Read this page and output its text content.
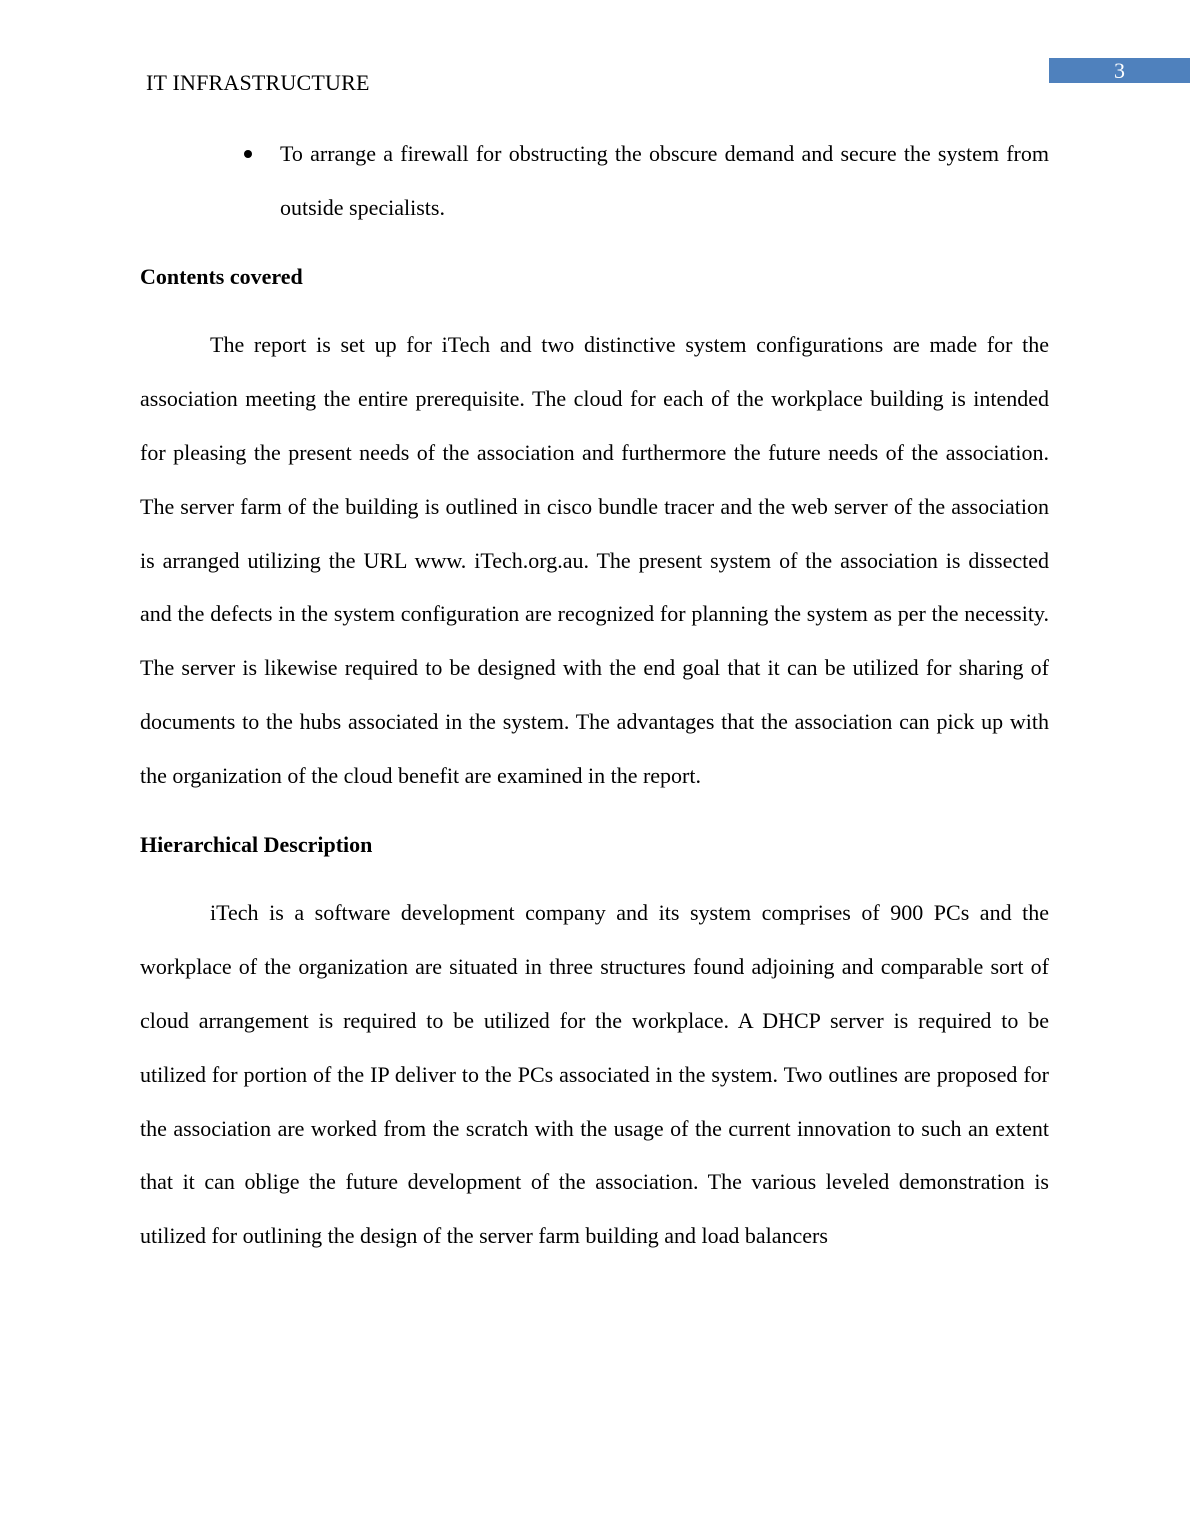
IT INFRASTRUCTURE	3
To arrange a firewall for obstructing the obscure demand and secure the system from outside specialists.
Contents covered

The report is set up for iTech and two distinctive system configurations are made for the association meeting the entire prerequisite. The cloud for each of the workplace building is intended for pleasing the present needs of the association and furthermore the future needs of the association. The server farm of the building is outlined in cisco bundle tracer and the web server of the association is arranged utilizing the URL www. iTech.org.au. The present system of the association is dissected and the defects in the system configuration are recognized for planning the system as per the necessity. The server is likewise required to be designed with the end goal that it can be utilized for sharing of documents to the hubs associated in the system. The advantages that the association can pick up with the organization of the cloud benefit are examined in the report.

Hierarchical Description

iTech is a software development company and its system comprises of 900 PCs and the workplace of the organization are situated in three structures found adjoining and comparable sort of cloud arrangement is required to be utilized for the workplace. A DHCP server is required to be utilized for portion of the IP deliver to the PCs associated in the system. Two outlines are proposed for the association are worked from the scratch with the usage of the current innovation to such an extent that it can oblige the future development of the association. The various leveled demonstration is utilized for outlining the design of the server farm building and load balancers
